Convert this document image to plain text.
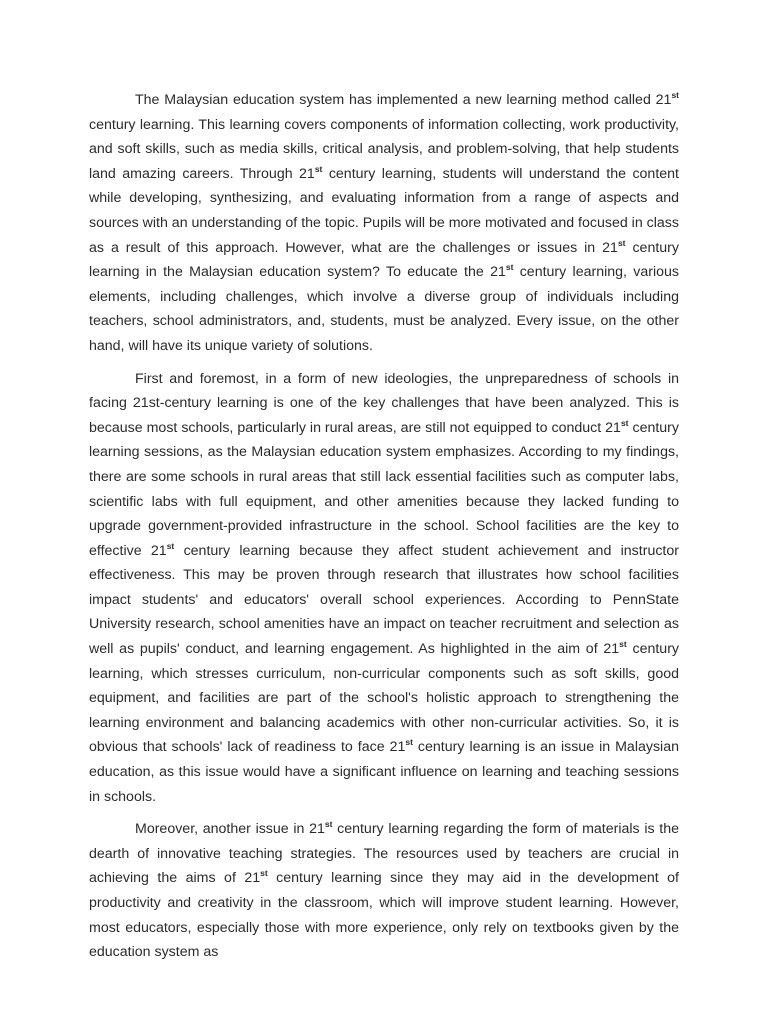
The Malaysian education system has implemented a new learning method called 21st century learning. This learning covers components of information collecting, work productivity, and soft skills, such as media skills, critical analysis, and problem-solving, that help students land amazing careers. Through 21st century learning, students will understand the content while developing, synthesizing, and evaluating information from a range of aspects and sources with an understanding of the topic. Pupils will be more motivated and focused in class as a result of this approach. However, what are the challenges or issues in 21st century learning in the Malaysian education system? To educate the 21st century learning, various elements, including challenges, which involve a diverse group of individuals including teachers, school administrators, and, students, must be analyzed. Every issue, on the other hand, will have its unique variety of solutions.

First and foremost, in a form of new ideologies, the unpreparedness of schools in facing 21st-century learning is one of the key challenges that have been analyzed. This is because most schools, particularly in rural areas, are still not equipped to conduct 21st century learning sessions, as the Malaysian education system emphasizes. According to my findings, there are some schools in rural areas that still lack essential facilities such as computer labs, scientific labs with full equipment, and other amenities because they lacked funding to upgrade government-provided infrastructure in the school. School facilities are the key to effective 21st century learning because they affect student achievement and instructor effectiveness. This may be proven through research that illustrates how school facilities impact students' and educators' overall school experiences. According to PennState University research, school amenities have an impact on teacher recruitment and selection as well as pupils' conduct, and learning engagement. As highlighted in the aim of 21st century learning, which stresses curriculum, non-curricular components such as soft skills, good equipment, and facilities are part of the school's holistic approach to strengthening the learning environment and balancing academics with other non-curricular activities. So, it is obvious that schools' lack of readiness to face 21st century learning is an issue in Malaysian education, as this issue would have a significant influence on learning and teaching sessions in schools.

Moreover, another issue in 21st century learning regarding the form of materials is the dearth of innovative teaching strategies. The resources used by teachers are crucial in achieving the aims of 21st century learning since they may aid in the development of productivity and creativity in the classroom, which will improve student learning. However, most educators, especially those with more experience, only rely on textbooks given by the education system as
